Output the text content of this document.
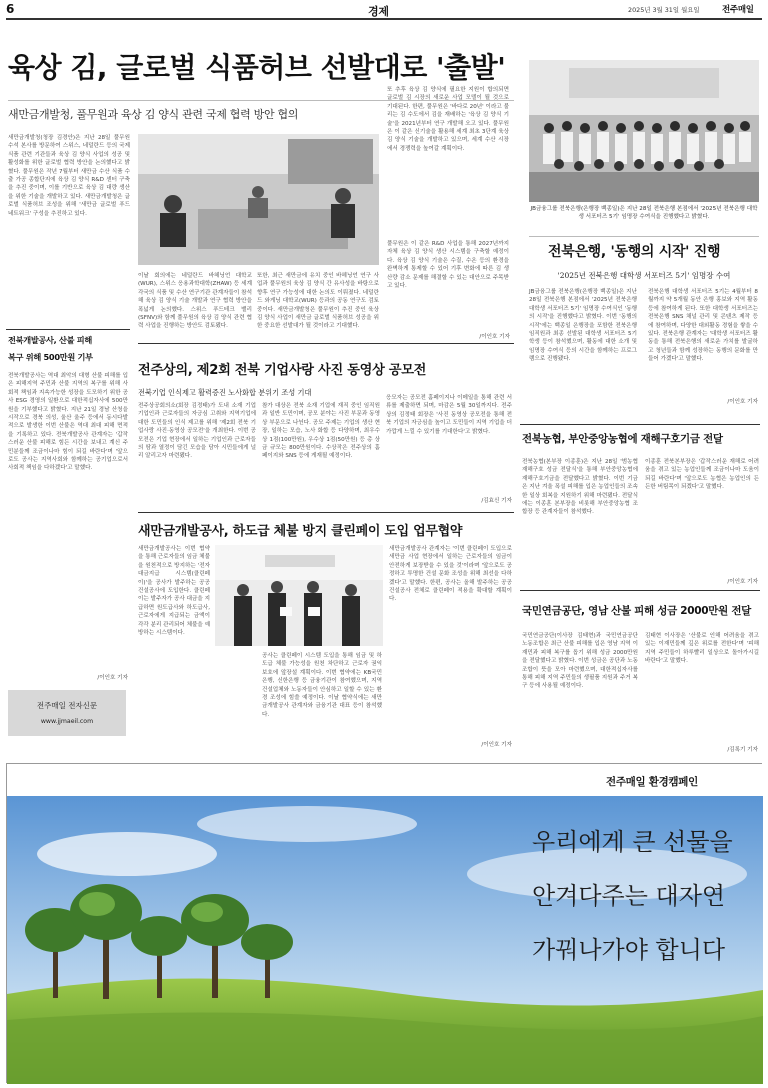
6	경제	2025년 3월 31일 월요일	전주매일
육상 김, 글로벌 식품허브 선발대로 '출발'
새만금개발청, 풀무원과 육상 김 양식 관련 국제 협력 방안 협의
새만금개발청(청장 김경안)은 지난 28일 풀무원 수석 본사를 방문하여 스위스, 네덜란드 등의 국제 식품 관련 기관들과 육상 김 양식 사업의 성공 및 활성화를 위한 글로벌 협력 방안을 논의했다고 밝혔다. 풀무원은 작년 7월부터 새만금 수산 식품 수출 가공 종합단지에 육상 김 양식 R&D 센터 구축을 추진 중이며, 이를 기반으로 육상 김 대량 생산을 위한 기술을 개발하고 있다. 새만금개발청은 글로벌 식품허브 조성을 위해 '새만금 글로벌 푸드 네트워크' 구성을 추진하고 있다.
이날 회의에는 네덜란드 바헤닝언 대학교(WUR), 스위스 응용과학대학(ZHAW) 등 세계 각국의 식품 및 수산 연구기관 관계자들이 참석해 육상 김 양식 기술 개발과 연구 협력 방안을 폭넓게 논의했다. 스위스 푸드테크 밸리(SFNV)와 함께 풀무원의 육상 김 양식 관련 협력 사업을 진행하는 방안도 검토됐다.
또한, 최근 새만금에 유치 중인 바헤닝언 연구 사업과 풀무원의 육상 김 양식 간 유사성을 바탕으로 향후 연구 가능성에 대한 논의도 이뤄졌다. 네덜란드 와게닝 대학교(WUR) 등과의 공동 연구도 검토 중이다. 새만금개발청은 풀무원이 추진 중인 육상 김 양식 사업이 새만금 글로벌 식품허브 성공을 위한 중요한 선발대가 될 것이라고 기대했다.
또 추후 육상 김 양식에 필요한 지원이 합의되면 글로벌 김 시장의 새로운 사업 모델이 될 것으로 기대된다. 한편, 풀무원은 '바다로 20년' 이라고 불리는 김 수도에서 김을 재배하는 '육상 김 양식 기술'을 2021년부터 연구 개발해 오고 있다. 풀무원은 이 같은 신기술을 활용해 세계 최초 3단계 육상 김 양식 기술을 개발하고 있으며, 세계 수산 시장에서 경쟁력을 높여갈 계획이다.
풀무원은 이 같은 R&D 사업을 통해 2027년까지 자체 육상 김 양식 생산 시스템을 구축할 예정이다. 육상 김 양식 기술은 수질, 수온 등의 환경을 완벽하게 통제할 수 있어 기후 변화에 따른 김 생산량 감소 문제를 해결할 수 있는 대안으로 주목받고 있다.
/이인호 기자
JB금융그룹 전북은행(은행장 백종일)은 지난 28일 전북은행 본점에서 '2025년 전북은행 대학생 서포터즈 5기' 임명장 수여식을 진행했다고 밝혔다.
전북은행, '동행의 시작' 진행
'2025년 전북은행 대학생 서포터즈 5기' 임명장 수여
JB금융그룹 전북은행(은행장 백종일)은 지난 28일 전북은행 본점에서 '2025년 전북은행 대학생 서포터즈 5기' 임명장 수여식인 '동행의 시작'을 진행했다고 밝혔다. 이번 '동행의 시작'에는 백종일 은행장을 포함한 전북은행 임직원과 최종 선발된 대학생 서포터즈 5기 학생 등이 참석했으며, 활동에 대한 소개 및 임명장 수여식 등의 시간을 함께하는 프로그램으로 진행됐다.
전북은행 대학생 서포터즈 5기는 4월부터 8월까지 약 5개월 동안 은행 홍보와 지역 활동 등에 참여하게 된다. 또한 대학생 서포터즈는 전북은행 SNS 채널 관리 및 콘텐츠 제작 등에 참여하며, 다양한 대외활동 경험을 쌓을 수 있다. 전북은행 관계자는 '대학생 서포터즈 활동을 통해 전북은행의 새로운 가치를 발굴하고 청년들과 함께 성장하는 동행의 문화를 만들어 가겠다'고 말했다.
/이인호 기자
전북개발공사, 산불 피해
복구 위해 500만원 기부
전북개발공사는 역대 최악의 대형 산불 피해를 입은 피해지역 주민과 산불 지역의 복구를 위해 사회적 책임과 지속가능한 성장을 도모하기 위한 공사 ESG 경영의 일환으로 대한적십자사에 500만원을 기부했다고 밝혔다. 지난 21일 경남 산청을 시작으로 경북 의성, 울산 울주 등에서 동시다발적으로 발생한 이번 산불은 역대 최대 피해 면적을 기록하고 있다. 전북개발공사 관계자는 '갑작스러운 산불 피해로 힘든 시간을 보내고 계신 주민분들께 조금이나마 힘이 되길 바란다'며 '앞으로도 공사는 지역사회와 함께하는 공기업으로서 사회적 책임을 다하겠다'고 말했다.
/이인호 기자
전주매일 전자신문
www.jjmaeil.com
전주상의, 제2회 전북 기업사랑 사진 동영상 공모전
전북기업 인식제고 활력증진 노사화합 분위기 조성 기대
전주상공회의소(회장 김정태)가 도내 소재 기업 기업인과 근로자들의 자긍심 고취와 지역기업에 대한 도민들의 인식 제고를 위해 '제2회 전북 기업사랑 사진·동영상 공모전'을 개최한다. 이번 공모전은 기업 현장에서 일하는 기업인과 근로자들의 땀과 열정이 담긴 모습을 담아 시민들에게 널리 알리고자 마련됐다.
참가 대상은 전북 소재 기업에 재직 중인 임직원과 일반 도민이며, 공모 분야는 사진 부문과 동영상 부문으로 나뉜다. 공모 주제는 기업의 생산 현장, 일하는 모습, 노사 화합 등 다양하며, 최우수상 1점(100만원), 우수상 1점(50만원) 등 총 상금 규모는 800만원이다. 수상작은 전주상의 홈페이지와 SNS 등에 게재될 예정이다.
응모자는 공모전 홈페이지나 이메일을 통해 관련 서류를 제출하면 되며, 마감은 5월 30일까지다. 전주상의 김정태 회장은 '사진 동영상 공모전을 통해 전북 기업의 자긍심을 높이고 도민들이 지역 기업을 더 가깝게 느낄 수 있기를 기대한다'고 밝혔다.
/김효신 기자
새만금개발공사, 하도급 체불 방지 클린페이 도입 업무협약
새만금개발공사는 이번 협약을 통해 근로자들의 임금 체불을 원천적으로 방지하는 '전자대금지급 시스템(클린페이)'을 공사가 발주하는 공공 건설공사에 도입한다. 클린페이는 발주자가 공사 대금을 지급하면 원도급사와 하도급사, 근로자에게 지급되는 금액이 각각 분리 관리되어 체불을 예방하는 시스템이다.
공사는 클린페이 시스템 도입을 통해 임금 및 하도급 체불 가능성을 원천 차단하고 근로자 권익 보호에 앞장설 계획이다. 이번 협약에는 KB국민은행, 신한은행 등 금융기관이 참여했으며, 지역 건설업체와 노동자들이 안심하고 일할 수 있는 환경 조성에 힘쓸 예정이다. 이날 협약식에는 새만금개발공사 관계자와 금융기관 대표 등이 참석했다.
새만금개발공사 관계자는 '이번 클린페이 도입으로 새만금 사업 현장에서 일하는 근로자들의 임금이 안전하게 보장받을 수 있을 것'이라며 '앞으로도 공정하고 투명한 건설 문화 조성을 위해 최선을 다하겠다'고 말했다. 한편, 공사는 올해 발주하는 공공 건설공사 전체로 클린페이 적용을 확대할 계획이다.
/이인호 기자
전북농협, 부안중앙농협에 재해구호기금 전달
전북농협(본부장 이종훈)은 지난 28일 '범농협 재해구호 성금 전달식'을 통해 부안중앙농협에 재해구호기금을 전달했다고 밝혔다. 이번 기금은 지난 겨울 폭설 피해를 입은 농업인들의 조속한 일상 회복을 지원하기 위해 마련됐다. 전달식에는 이종훈 본부장을 비롯해 부안중앙농협 조합장 등 관계자들이 참석했다.
이종훈 전북본부장은 '갑작스러운 재해로 어려움을 겪고 있는 농업인들께 조금이나마 도움이 되길 바란다'며 '앞으로도 농협은 농업인의 든든한 버팀목이 되겠다'고 말했다.
/이인호 기자
국민연금공단, 영남 산불 피해 성금 2000만원 전달
국민연금공단(이사장 김태현)과 국민연금공단 노동조합은 최근 산불 피해를 입은 영남 지역 이재민과 피해 복구를 돕기 위해 성금 2000만원을 전달했다고 밝혔다. 이번 성금은 공단과 노동조합이 뜻을 모아 마련했으며, 대한적십자사를 통해 피해 지역 주민들의 생필품 지원과 주거 복구 등에 사용될 예정이다.
김태현 이사장은 '산불로 인해 어려움을 겪고 있는 이재민들께 깊은 위로를 전한다'며 '피해 지역 주민들이 하루빨리 일상으로 돌아가시길 바란다'고 말했다.
/김록기 기자
전주매일 환경캠페인
우리에게 큰 선물을
안겨다주는 대자연
가꿔나가야 합니다
